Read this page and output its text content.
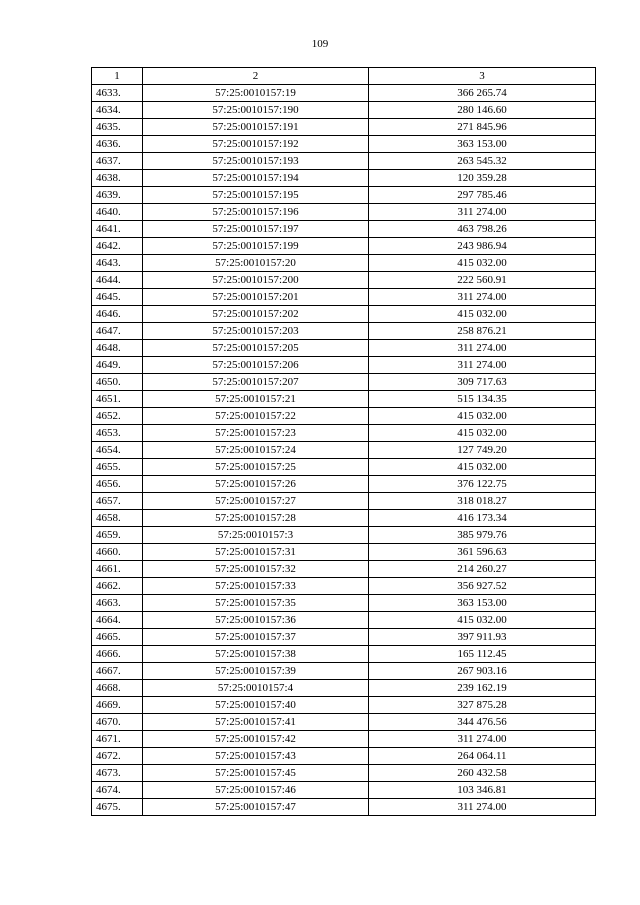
109
1	2	3
4633.	57:25:0010157:19	366 265.74
4634.	57:25:0010157:190	280 146.60
4635.	57:25:0010157:191	271 845.96
4636.	57:25:0010157:192	363 153.00
4637.	57:25:0010157:193	263 545.32
4638.	57:25:0010157:194	120 359.28
4639.	57:25:0010157:195	297 785.46
4640.	57:25:0010157:196	311 274.00
4641.	57:25:0010157:197	463 798.26
4642.	57:25:0010157:199	243 986.94
4643.	57:25:0010157:20	415 032.00
4644.	57:25:0010157:200	222 560.91
4645.	57:25:0010157:201	311 274.00
4646.	57:25:0010157:202	415 032.00
4647.	57:25:0010157:203	258 876.21
4648.	57:25:0010157:205	311 274.00
4649.	57:25:0010157:206	311 274.00
4650.	57:25:0010157:207	309 717.63
4651.	57:25:0010157:21	515 134.35
4652.	57:25:0010157:22	415 032.00
4653.	57:25:0010157:23	415 032.00
4654.	57:25:0010157:24	127 749.20
4655.	57:25:0010157:25	415 032.00
4656.	57:25:0010157:26	376 122.75
4657.	57:25:0010157:27	318 018.27
4658.	57:25:0010157:28	416 173.34
4659.	57:25:0010157:3	385 979.76
4660.	57:25:0010157:31	361 596.63
4661.	57:25:0010157:32	214 260.27
4662.	57:25:0010157:33	356 927.52
4663.	57:25:0010157:35	363 153.00
4664.	57:25:0010157:36	415 032.00
4665.	57:25:0010157:37	397 911.93
4666.	57:25:0010157:38	165 112.45
4667.	57:25:0010157:39	267 903.16
4668.	57:25:0010157:4	239 162.19
4669.	57:25:0010157:40	327 875.28
4670.	57:25:0010157:41	344 476.56
4671.	57:25:0010157:42	311 274.00
4672.	57:25:0010157:43	264 064.11
4673.	57:25:0010157:45	260 432.58
4674.	57:25:0010157:46	103 346.81
4675.	57:25:0010157:47	311 274.00
